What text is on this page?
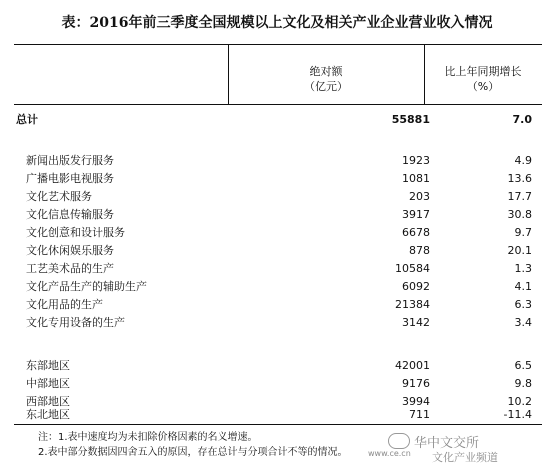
表：2016年前三季度全国规模以上文化及相关产业企业营业收入情况
绝对额
（亿元）
比上年同期增长
（%）
总计	55881	7.0
新闻出版发行服务	1923	4.9
广播电影电视服务	1081	13.6
文化艺术服务	203	17.7
文化信息传输服务	3917	30.8
文化创意和设计服务	6678	9.7
文化休闲娱乐服务	878	20.1
工艺美术品的生产	10584	1.3
文化产品生产的辅助生产	6092	4.1
文化用品的生产	21384	6.3
文化专用设备的生产	3142	3.4
东部地区	42001	6.5
中部地区	9176	9.8
西部地区	3994	10.2
东北地区	711	-11.4
注：1.表中速度均为未扣除价格因素的名义增速。
2.表中部分数据因四舍五入的原因，存在总计与分项合计不等的情况。
华中文交所
www.ce.cn 文化产业频道
